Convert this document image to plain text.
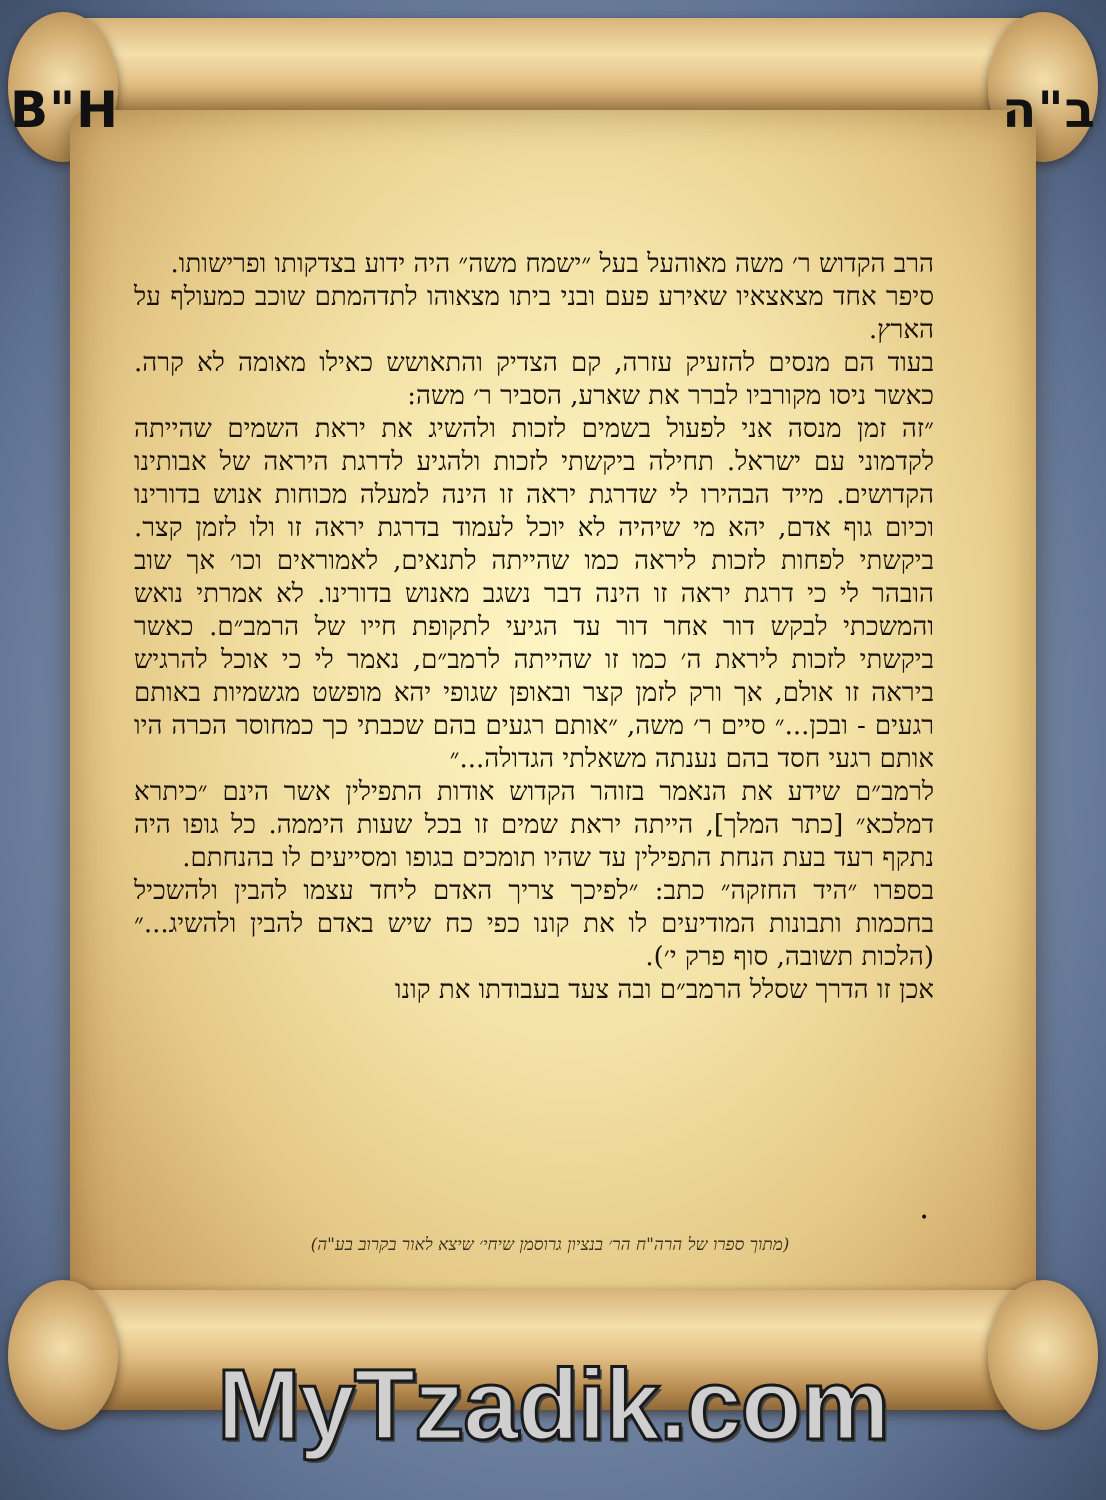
B"H	ב"ה

הרב הקדוש ר׳ משה מאוהעל בעל ״ישמח משה״ היה ידוע בצדקותו ופרישותו.

סיפר אחד מצאצאיו שאירע פעם ובני ביתו מצאוהו לתדהמתם שוכב כמעולף על הארץ.

בעוד הם מנסים להזעיק עזרה, קם הצדיק והתאושש כאילו מאומה לא קרה. כאשר ניסו מקורביו לברר את שארע, הסביר ר׳ משה:

״זה זמן מנסה אני לפעול בשמים לזכות ולהשיג את יראת השמים שהייתה לקדמוני עם ישראל. תחילה ביקשתי לזכות ולהגיע לדרגת היראה של אבותינו הקדושים. מייד הבהירו לי שדרגת יראה זו הינה למעלה מכוחות אנוש בדורינו וכיום גוף אדם, יהא מי שיהיה לא יוכל לעמוד בדרגת יראה זו ולו לזמן קצר. ביקשתי לפחות לזכות ליראה כמו שהייתה לתנאים, לאמוראים וכו׳ אך שוב הובהר לי כי דרגת יראה זו הינה דבר נשגב מאנוש בדורינו. לא אמרתי נואש והמשכתי לבקש דור אחר דור עד הגיעי לתקופת חייו של הרמב״ם. כאשר ביקשתי לזכות ליראת ה׳ כמו זו שהייתה לרמב״ם, נאמר לי כי אוכל להרגיש ביראה זו אולם, אך ורק לזמן קצר ובאופן שגופי יהא מופשט מגשמיות באותם רגעים - ובכן...״ סיים ר׳ משה, ״אותם רגעים בהם שכבתי כך כמחוסר הכרה היו אותם רגעי חסד בהם נענתה משאלתי הגדולה...״

לרמב״ם שידע את הנאמר בזוהר הקדוש אודות התפילין אשר הינם ״כיתרא דמלכא״ [כתר המלך], הייתה יראת שמים זו בכל שעות היממה. כל גופו היה נתקף רעד בעת הנחת התפילין עד שהיו תומכים בגופו ומסייעים לו בהנחתם.

בספרו ״היד החזקה״ כתב: ״לפיכך צריך האדם ליחד עצמו להבין ולהשכיל בחכמות ותבונות המודיעים לו את קונו כפי כח שיש באדם להבין ולהשיג...״ (הלכות תשובה, סוף פרק י׳).

אכן זו הדרך שסלל הרמב״ם ובה צעד בעבודתו את קונו

•
(מתוך ספרו של הרה"ח הר׳ בנציון גרוסמן שיחי׳ שיצא לאור בקרוב בע"ה)
MyTzadik.com
